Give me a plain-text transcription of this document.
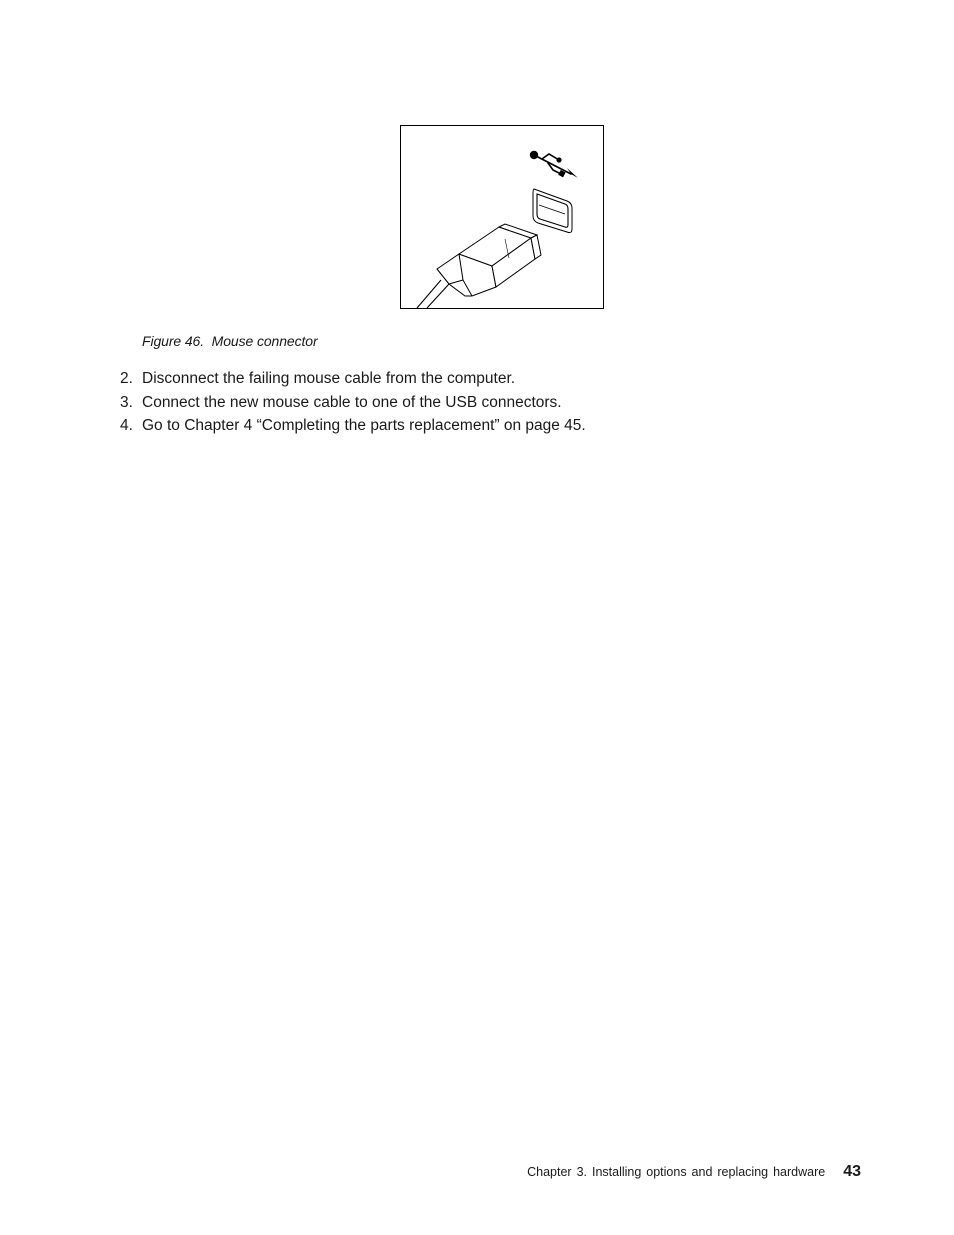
Figure 46. Mouse connector
2. Disconnect the failing mouse cable from the computer.
3. Connect the new mouse cable to one of the USB connectors.
4. Go to Chapter 4 “Completing the parts replacement” on page 45.
Chapter 3. Installing options and replacing hardware 43
